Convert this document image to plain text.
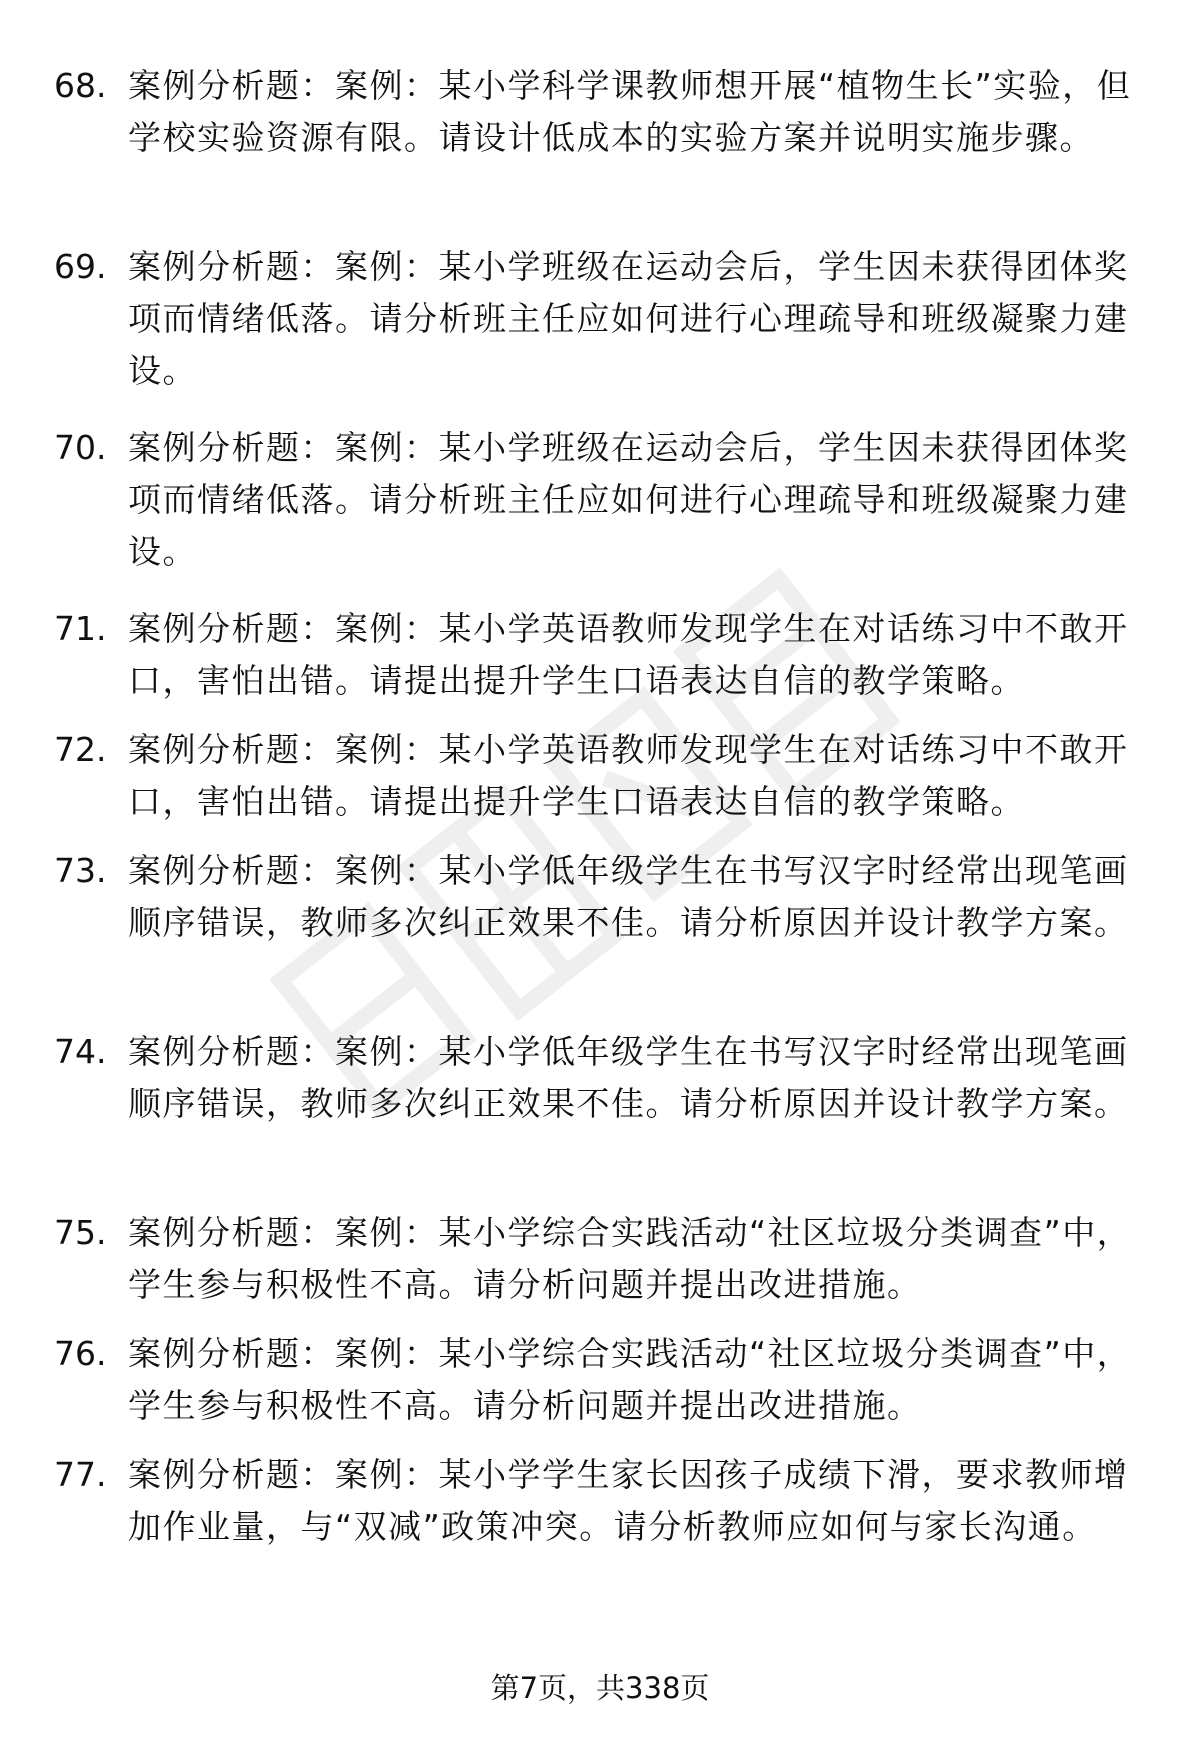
68. 案例分析题：案例：某小学科学课教师想开展“植物生长”实验，但学校实验资源有限。请设计低成本的实验方案并说明实施步骤。
69. 案例分析题：案例：某小学班级在运动会后，学生因未获得团体奖项而情绪低落。请分析班主任应如何进行心理疏导和班级凝聚力建设。
70. 案例分析题：案例：某小学班级在运动会后，学生因未获得团体奖项而情绪低落。请分析班主任应如何进行心理疏导和班级凝聚力建设。
71. 案例分析题：案例：某小学英语教师发现学生在对话练习中不敢开口，害怕出错。请提出提升学生口语表达自信的教学策略。
72. 案例分析题：案例：某小学英语教师发现学生在对话练习中不敢开口，害怕出错。请提出提升学生口语表达自信的教学策略。
73. 案例分析题：案例：某小学低年级学生在书写汉字时经常出现笔画顺序错误，教师多次纠正效果不佳。请分析原因并设计教学方案。
74. 案例分析题：案例：某小学低年级学生在书写汉字时经常出现笔画顺序错误，教师多次纠正效果不佳。请分析原因并设计教学方案。
75. 案例分析题：案例：某小学综合实践活动“社区垃圾分类调查”中，学生参与积极性不高。请分析问题并提出改进措施。
76. 案例分析题：案例：某小学综合实践活动“社区垃圾分类调查”中，学生参与积极性不高。请分析问题并提出改进措施。
77. 案例分析题：案例：某小学学生家长因孩子成绩下滑，要求教师增加作业量，与“双减”政策冲突。请分析教师应如何与家长沟通。
第7页，共338页
